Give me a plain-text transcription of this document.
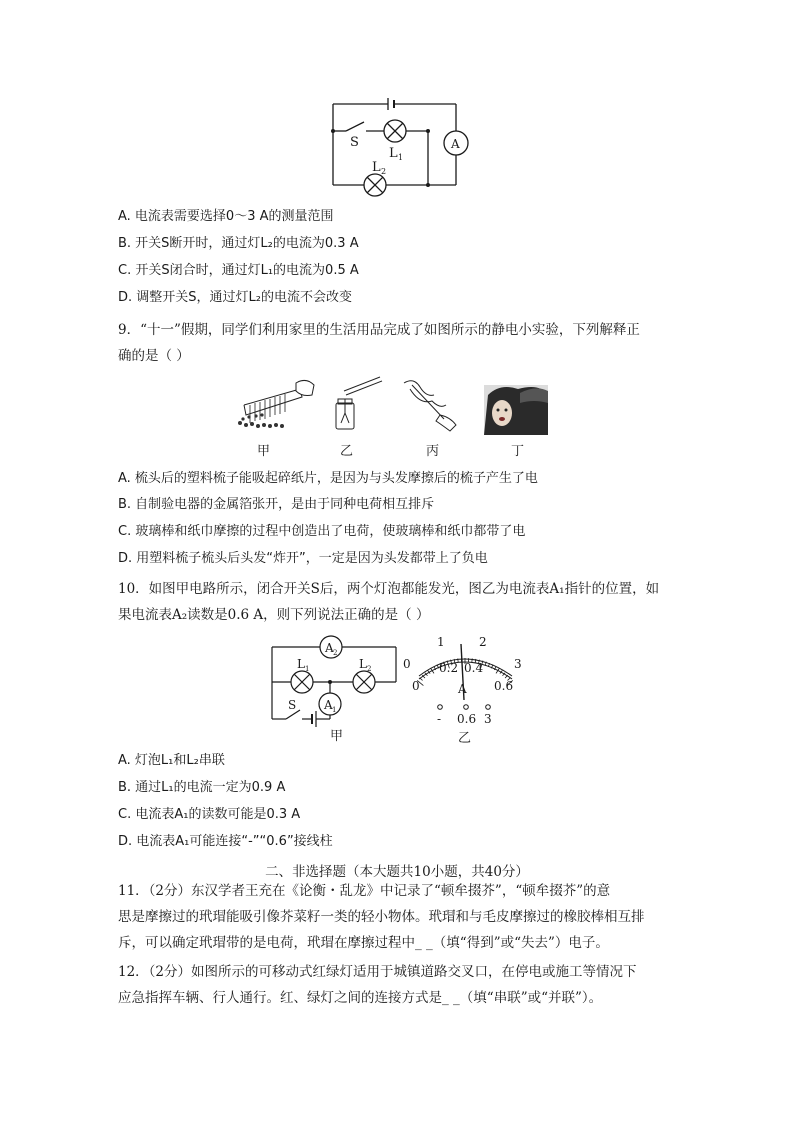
S
L 1
L 2
A
A. 电流表需要选择0～3 A的测量范围
B. 开关S断开时，通过灯L₂的电流为0.3 A
C. 开关S闭合时，通过灯L₁的电流为0.5 A
D. 调整开关S，通过灯L₂的电流不会改变
9．“十一”假期，同学们利用家里的生活用品完成了如图所示的静电小实验，下列解释正
确的是（ ）
甲	乙	丙	丁
A. 梳头后的塑料梳子能吸起碎纸片，是因为与头发摩擦后的梳子产生了电
B. 自制验电器的金属箔张开，是由于同种电荷相互排斥
C. 玻璃棒和纸巾摩擦的过程中创造出了电荷，使玻璃棒和纸巾都带了电
D. 用塑料梳子梳头后头发“炸开”，一定是因为头发都带上了负电
10．如图甲电路所示，闭合开关S后，两个灯泡都能发光，图乙为电流表A₁指针的位置，如
果电流表A₂读数是0.6 A，则下列说法正确的是（ ）
A 2
L 1	L 2
A 1
S
甲
0
1	2
3
0
0.2 0.4
0.6
A
- 0.6 3
乙
A. 灯泡L₁和L₂串联
B. 通过L₁的电流一定为0.9 A
C. 电流表A₁的读数可能是0.3 A
D. 电流表A₁可能连接“-”“0.6”接线柱
二、非选择题（本大题共10小题，共40分）
11．（2分）东汉学者王充在《论衡・乱龙》中记录了“顿牟掇芥”，“顿牟掇芥”的意
思是摩擦过的玳瑁能吸引像芥菜籽一类的轻小物体。玳瑁和与毛皮摩擦过的橡胶棒相互排
斥，可以确定玳瑁带的是电荷，玳瑁在摩擦过程中_ _（填“得到”或“失去”）电子。
12．（2分）如图所示的可移动式红绿灯适用于城镇道路交叉口，在停电或施工等情况下
应急指挥车辆、行人通行。红、绿灯之间的连接方式是_ _（填“串联”或“并联”）。
